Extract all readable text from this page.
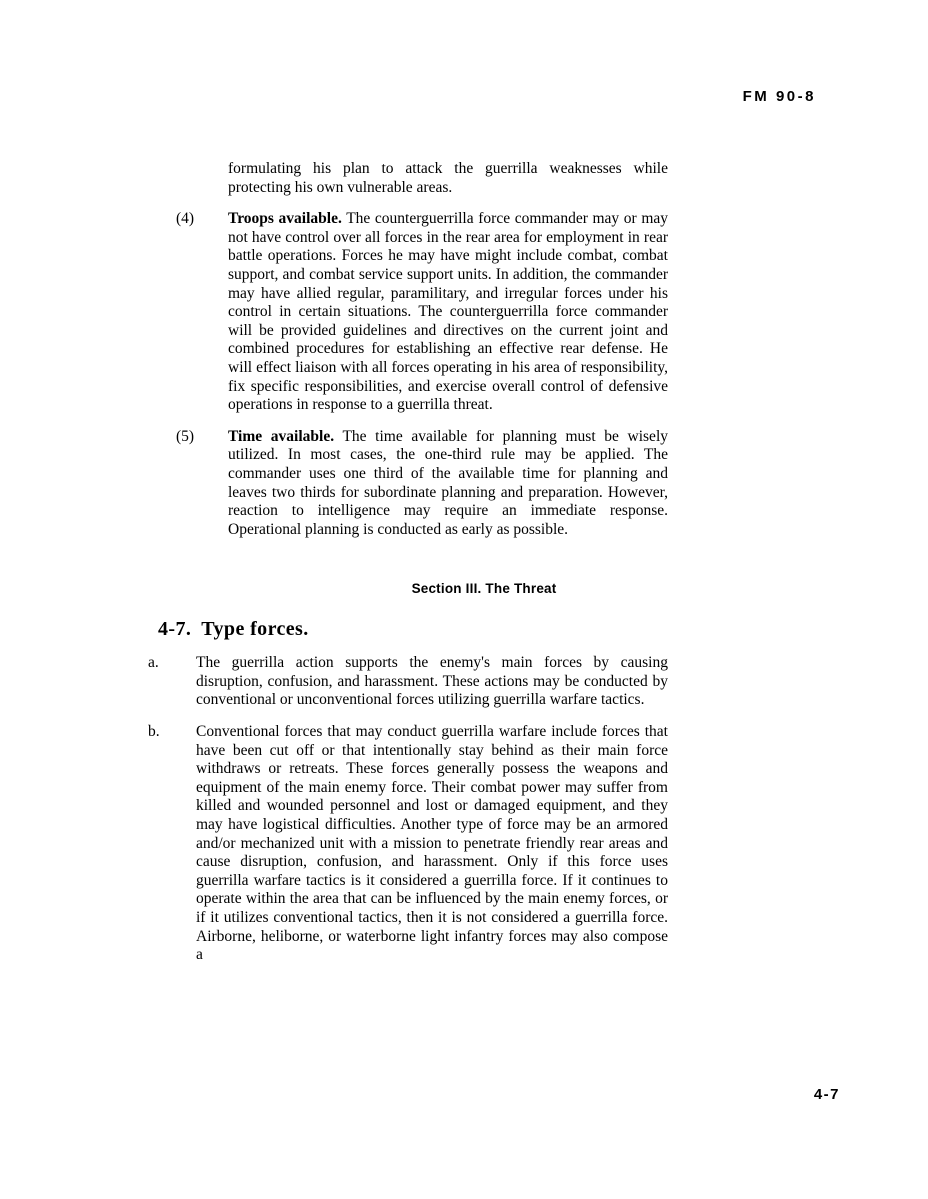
FM 90-8
formulating his plan to attack the guerrilla weaknesses while protecting his own vulnerable areas.
(4)	Troops available. The counterguerrilla force commander may or may not have control over all forces in the rear area for employment in rear battle operations. Forces he may have might include combat, combat support, and combat service support units. In addition, the commander may have allied regular, paramilitary, and irregular forces under his control in certain situations. The counterguerrilla force commander will be provided guidelines and directives on the current joint and combined procedures for establishing an effective rear defense. He will effect liaison with all forces operating in his area of responsibility, fix specific responsibilities, and exercise overall control of defensive operations in response to a guerrilla threat.
(5)	Time available. The time available for planning must be wisely utilized. In most cases, the one-third rule may be applied. The commander uses one third of the available time for planning and leaves two thirds for subordinate planning and preparation. However, reaction to intelligence may require an immediate response. Operational planning is conducted as early as possible.
Section III. The Threat
4-7. Type forces.
a. The guerrilla action supports the enemy's main forces by causing disruption, confusion, and harassment. These actions may be conducted by conventional or unconventional forces utilizing guerrilla warfare tactics.
b. Conventional forces that may conduct guerrilla warfare include forces that have been cut off or that intentionally stay behind as their main force withdraws or retreats. These forces generally possess the weapons and equipment of the main enemy force. Their combat power may suffer from killed and wounded personnel and lost or damaged equipment, and they may have logistical difficulties. Another type of force may be an armored and/or mechanized unit with a mission to penetrate friendly rear areas and cause disruption, confusion, and harassment. Only if this force uses guerrilla warfare tactics is it considered a guerrilla force. If it continues to operate within the area that can be influenced by the main enemy forces, or if it utilizes conventional tactics, then it is not considered a guerrilla force. Airborne, heliborne, or waterborne light infantry forces may also compose a
4-7
